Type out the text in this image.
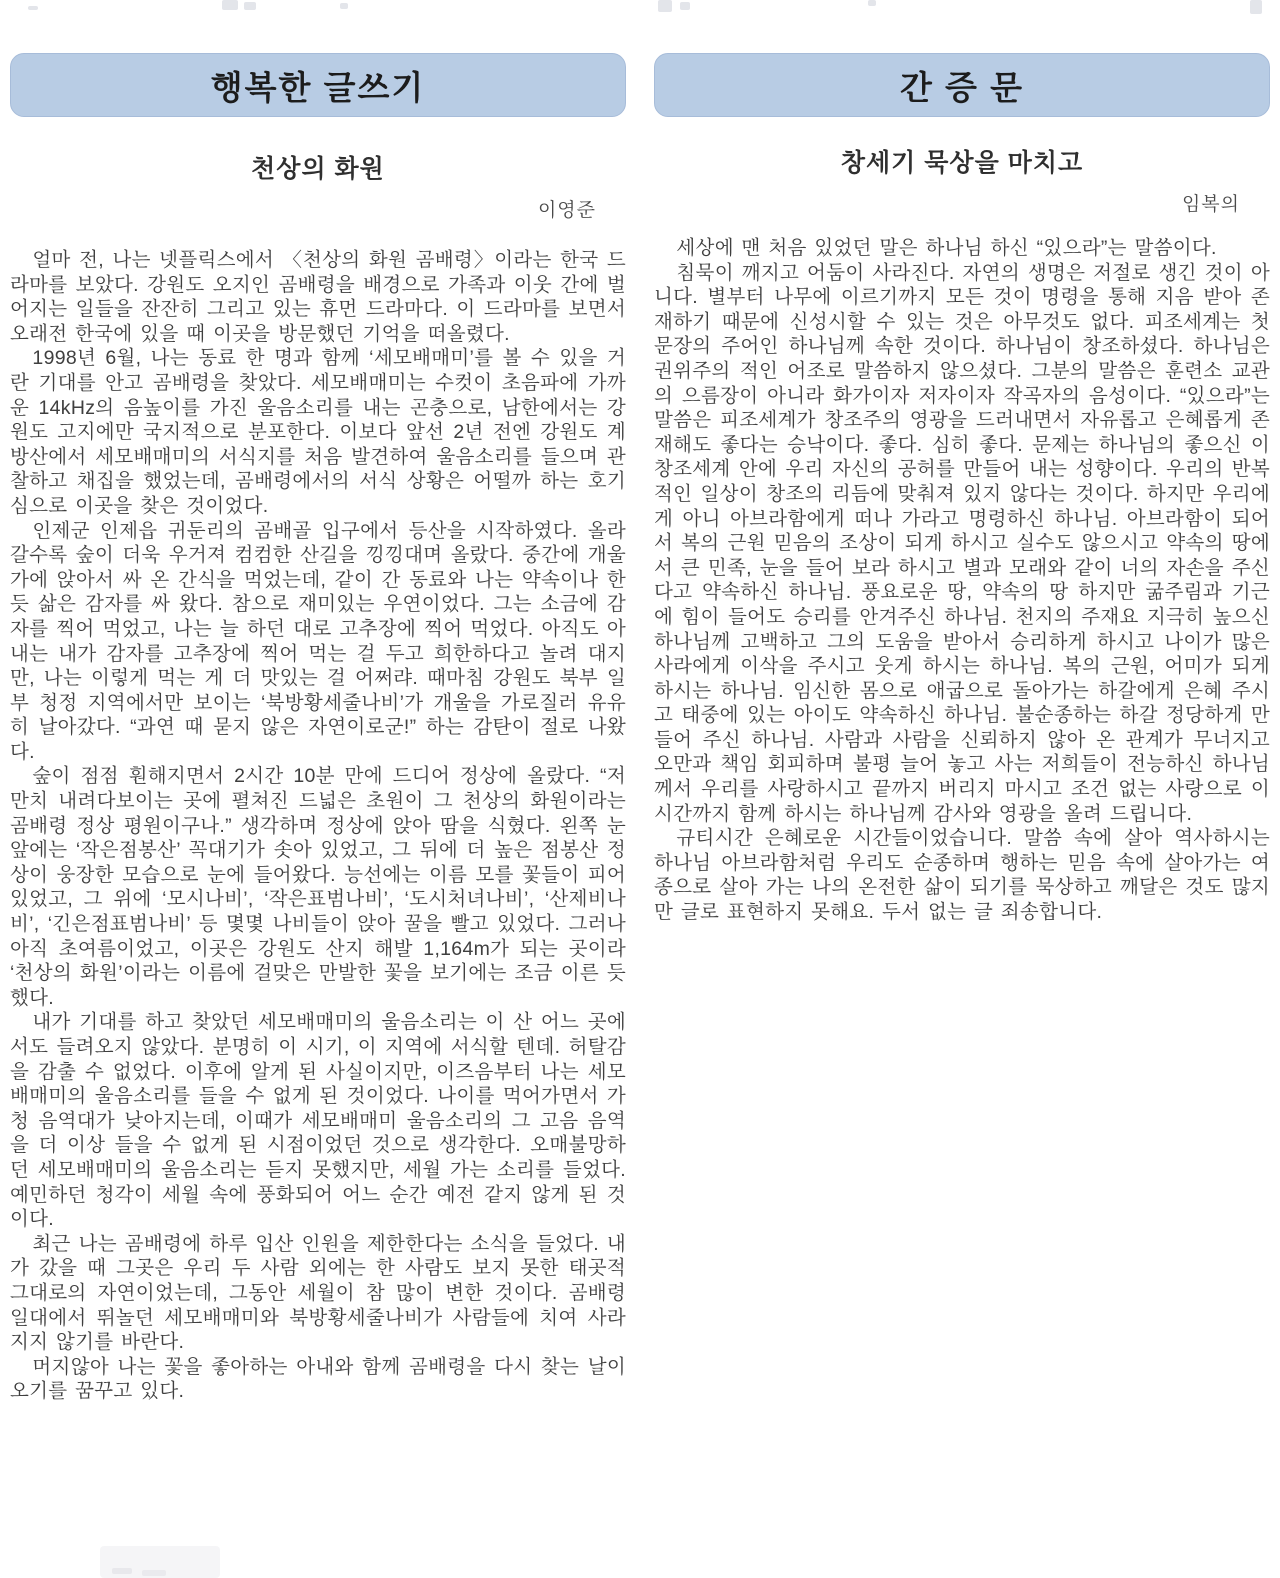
행복한 글쓰기
천상의 화원
이영준

얼마 전, 나는 넷플릭스에서 〈천상의 화원 곰배령〉이라는 한국 드라마를 보았다. 강원도 오지인 곰배령을 배경으로 가족과 이웃 간에 벌어지는 일들을 잔잔히 그리고 있는 휴먼 드라마다. 이 드라마를 보면서 오래전 한국에 있을 때 이곳을 방문했던 기억을 떠올렸다.

1998년 6월, 나는 동료 한 명과 함께 ‘세모배매미’를 볼 수 있을 거란 기대를 안고 곰배령을 찾았다. 세모배매미는 수컷이 초음파에 가까운 14kHz의 음높이를 가진 울음소리를 내는 곤충으로, 남한에서는 강원도 고지에만 국지적으로 분포한다. 이보다 앞선 2년 전엔 강원도 계방산에서 세모배매미의 서식지를 처음 발견하여 울음소리를 들으며 관찰하고 채집을 했었는데, 곰배령에서의 서식 상황은 어떨까 하는 호기심으로 이곳을 찾은 것이었다.

인제군 인제읍 귀둔리의 곰배골 입구에서 등산을 시작하였다. 올라갈수록 숲이 더욱 우거져 컴컴한 산길을 낑낑대며 올랐다. 중간에 개울가에 앉아서 싸 온 간식을 먹었는데, 같이 간 동료와 나는 약속이나 한 듯 삶은 감자를 싸 왔다. 참으로 재미있는 우연이었다. 그는 소금에 감자를 찍어 먹었고, 나는 늘 하던 대로 고추장에 찍어 먹었다. 아직도 아내는 내가 감자를 고추장에 찍어 먹는 걸 두고 희한하다고 놀려 대지만, 나는 이렇게 먹는 게 더 맛있는 걸 어쩌랴. 때마침 강원도 북부 일부 청정 지역에서만 보이는 ‘북방황세줄나비’가 개울을 가로질러 유유히 날아갔다. “과연 때 묻지 않은 자연이로군!” 하는 감탄이 절로 나왔다.

숲이 점점 훤해지면서 2시간 10분 만에 드디어 정상에 올랐다. “저만치 내려다보이는 곳에 펼쳐진 드넓은 초원이 그 천상의 화원이라는 곰배령 정상 평원이구나.” 생각하며 정상에 앉아 땀을 식혔다. 왼쪽 눈앞에는 ‘작은점봉산’ 꼭대기가 솟아 있었고, 그 뒤에 더 높은 점봉산 정상이 웅장한 모습으로 눈에 들어왔다. 능선에는 이름 모를 꽃들이 피어 있었고, 그 위에 ‘모시나비’, ‘작은표범나비’, ‘도시처녀나비’, ‘산제비나비’, ‘긴은점표범나비’ 등 몇몇 나비들이 앉아 꿀을 빨고 있었다. 그러나 아직 초여름이었고, 이곳은 강원도 산지 해발 1,164m가 되는 곳이라 ‘천상의 화원’이라는 이름에 걸맞은 만발한 꽃을 보기에는 조금 이른 듯했다.

내가 기대를 하고 찾았던 세모배매미의 울음소리는 이 산 어느 곳에서도 들려오지 않았다. 분명히 이 시기, 이 지역에 서식할 텐데. 허탈감을 감출 수 없었다. 이후에 알게 된 사실이지만, 이즈음부터 나는 세모배매미의 울음소리를 들을 수 없게 된 것이었다. 나이를 먹어가면서 가청 음역대가 낮아지는데, 이때가 세모배매미 울음소리의 그 고음 음역을 더 이상 들을 수 없게 된 시점이었던 것으로 생각한다. 오매불망하던 세모배매미의 울음소리는 듣지 못했지만, 세월 가는 소리를 들었다. 예민하던 청각이 세월 속에 풍화되어 어느 순간 예전 같지 않게 된 것이다.

최근 나는 곰배령에 하루 입산 인원을 제한한다는 소식을 들었다. 내가 갔을 때 그곳은 우리 두 사람 외에는 한 사람도 보지 못한 태곳적 그대로의 자연이었는데, 그동안 세월이 참 많이 변한 것이다. 곰배령 일대에서 뛰놀던 세모배매미와 북방황세줄나비가 사람들에 치여 사라지지 않기를 바란다.

머지않아 나는 꽃을 좋아하는 아내와 함께 곰배령을 다시 찾는 날이 오기를 꿈꾸고 있다.

간 증 문
창세기 묵상을 마치고
임복의

세상에 맨 처음 있었던 말은 하나님 하신 “있으라”는 말씀이다.

침묵이 깨지고 어둠이 사라진다. 자연의 생명은 저절로 생긴 것이 아니다. 별부터 나무에 이르기까지 모든 것이 명령을 통해 지음 받아 존재하기 때문에 신성시할 수 있는 것은 아무것도 없다. 피조세계는 첫 문장의 주어인 하나님께 속한 것이다. 하나님이 창조하셨다. 하나님은 권위주의 적인 어조로 말씀하지 않으셨다. 그분의 말씀은 훈련소 교관의 으름장이 아니라 화가이자 저자이자 작곡자의 음성이다. “있으라”는 말씀은 피조세계가 창조주의 영광을 드러내면서 자유롭고 은혜롭게 존재해도 좋다는 승낙이다. 좋다. 심히 좋다. 문제는 하나님의 좋으신 이 창조세계 안에 우리 자신의 공허를 만들어 내는 성향이다. 우리의 반복 적인 일상이 창조의 리듬에 맞춰져 있지 않다는 것이다. 하지만 우리에게 아니 아브라함에게 떠나 가라고 명령하신 하나님. 아브라함이 되어서 복의 근원 믿음의 조상이 되게 하시고 실수도 않으시고 약속의 땅에서 큰 민족, 눈을 들어 보라 하시고 별과 모래와 같이 너의 자손을 주신다고 약속하신 하나님. 풍요로운 땅, 약속의 땅 하지만 굶주림과 기근에 힘이 들어도 승리를 안겨주신 하나님. 천지의 주재요 지극히 높으신 하나님께 고백하고 그의 도움을 받아서 승리하게 하시고 나이가 많은 사라에게 이삭을 주시고 웃게 하시는 하나님. 복의 근원, 어미가 되게 하시는 하나님. 임신한 몸으로 애굽으로 돌아가는 하갈에게 은혜 주시고 태중에 있는 아이도 약속하신 하나님. 불순종하는 하갈 정당하게 만들어 주신 하나님. 사람과 사람을 신뢰하지 않아 온 관계가 무너지고 오만과 책임 회피하며 불평 늘어 놓고 사는 저희들이 전능하신 하나님께서 우리를 사랑하시고 끝까지 버리지 마시고 조건 없는 사랑으로 이 시간까지 함께 하시는 하나님께 감사와 영광을 올려 드립니다.

규티시간 은혜로운 시간들이었습니다. 말씀 속에 살아 역사하시는 하나님 아브라함처럼 우리도 순종하며 행하는 믿음 속에 살아가는 여종으로 살아 가는 나의 온전한 삶이 되기를 묵상하고 깨달은 것도 많지만 글로 표현하지 못해요. 두서 없는 글 죄송합니다.
